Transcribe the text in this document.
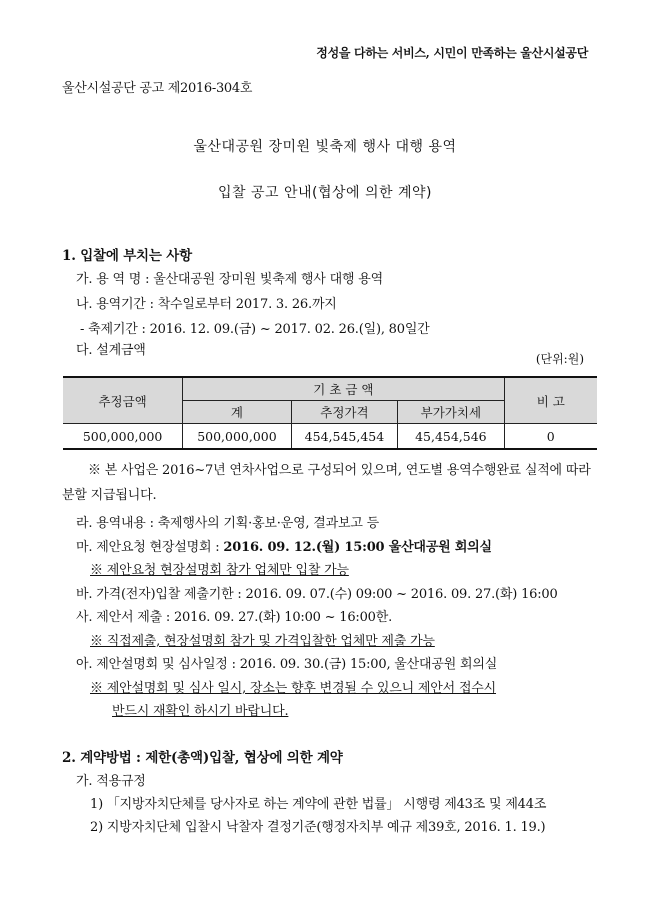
정성을 다하는 서비스, 시민이 만족하는 울산시설공단
울산시설공단 공고 제2016-304호
울산대공원 장미원 빛축제 행사 대행 용역
입찰 공고 안내(협상에 의한 계약)
1. 입찰에 부치는 사항
가. 용 역 명 : 울산대공원 장미원 빛축제 행사 대행 용역
나. 용역기간 : 착수일로부터 2017. 3. 26.까지
- 축제기간 : 2016. 12. 09.(금) ~ 2017. 02. 26.(일), 80일간
다. 설계금액
(단위:원)
추정금액	기 초 금 액			비 고
	계	추정가격	부가가치세	
500,000,000	500,000,000	454,545,454	45,454,546	0
※ 본 사업은 2016~7년 연차사업으로 구성되어 있으며, 연도별 용역수행완료 실적에 따라 분할 지급됩니다.
라. 용역내용 : 축제행사의 기획·홍보·운영, 결과보고 등
마. 제안요청 현장설명회 : 2016. 09. 12.(월) 15:00 울산대공원 회의실
※ 제안요청 현장설명회 참가 업체만 입찰 가능
바. 가격(전자)입찰 제출기한 : 2016. 09. 07.(수) 09:00 ~ 2016. 09. 27.(화) 16:00
사. 제안서 제출 : 2016. 09. 27.(화) 10:00 ~ 16:00한.
※ 직접제출, 현장설명회 참가 및 가격입찰한 업체만 제출 가능
아. 제안설명회 및 심사일정 : 2016. 09. 30.(금) 15:00, 울산대공원 회의실
※ 제안설명회 및 심사 일시, 장소는 향후 변경될 수 있으니 제안서 접수시
반드시 재확인 하시기 바랍니다.
2. 계약방법 : 제한(총액)입찰, 협상에 의한 계약
가. 적용규정
1) 「지방자치단체를 당사자로 하는 계약에 관한 법률」 시행령 제43조 및 제44조
2) 지방자치단체 입찰시 낙찰자 결정기준(행정자치부 예규 제39호, 2016. 1. 19.)
